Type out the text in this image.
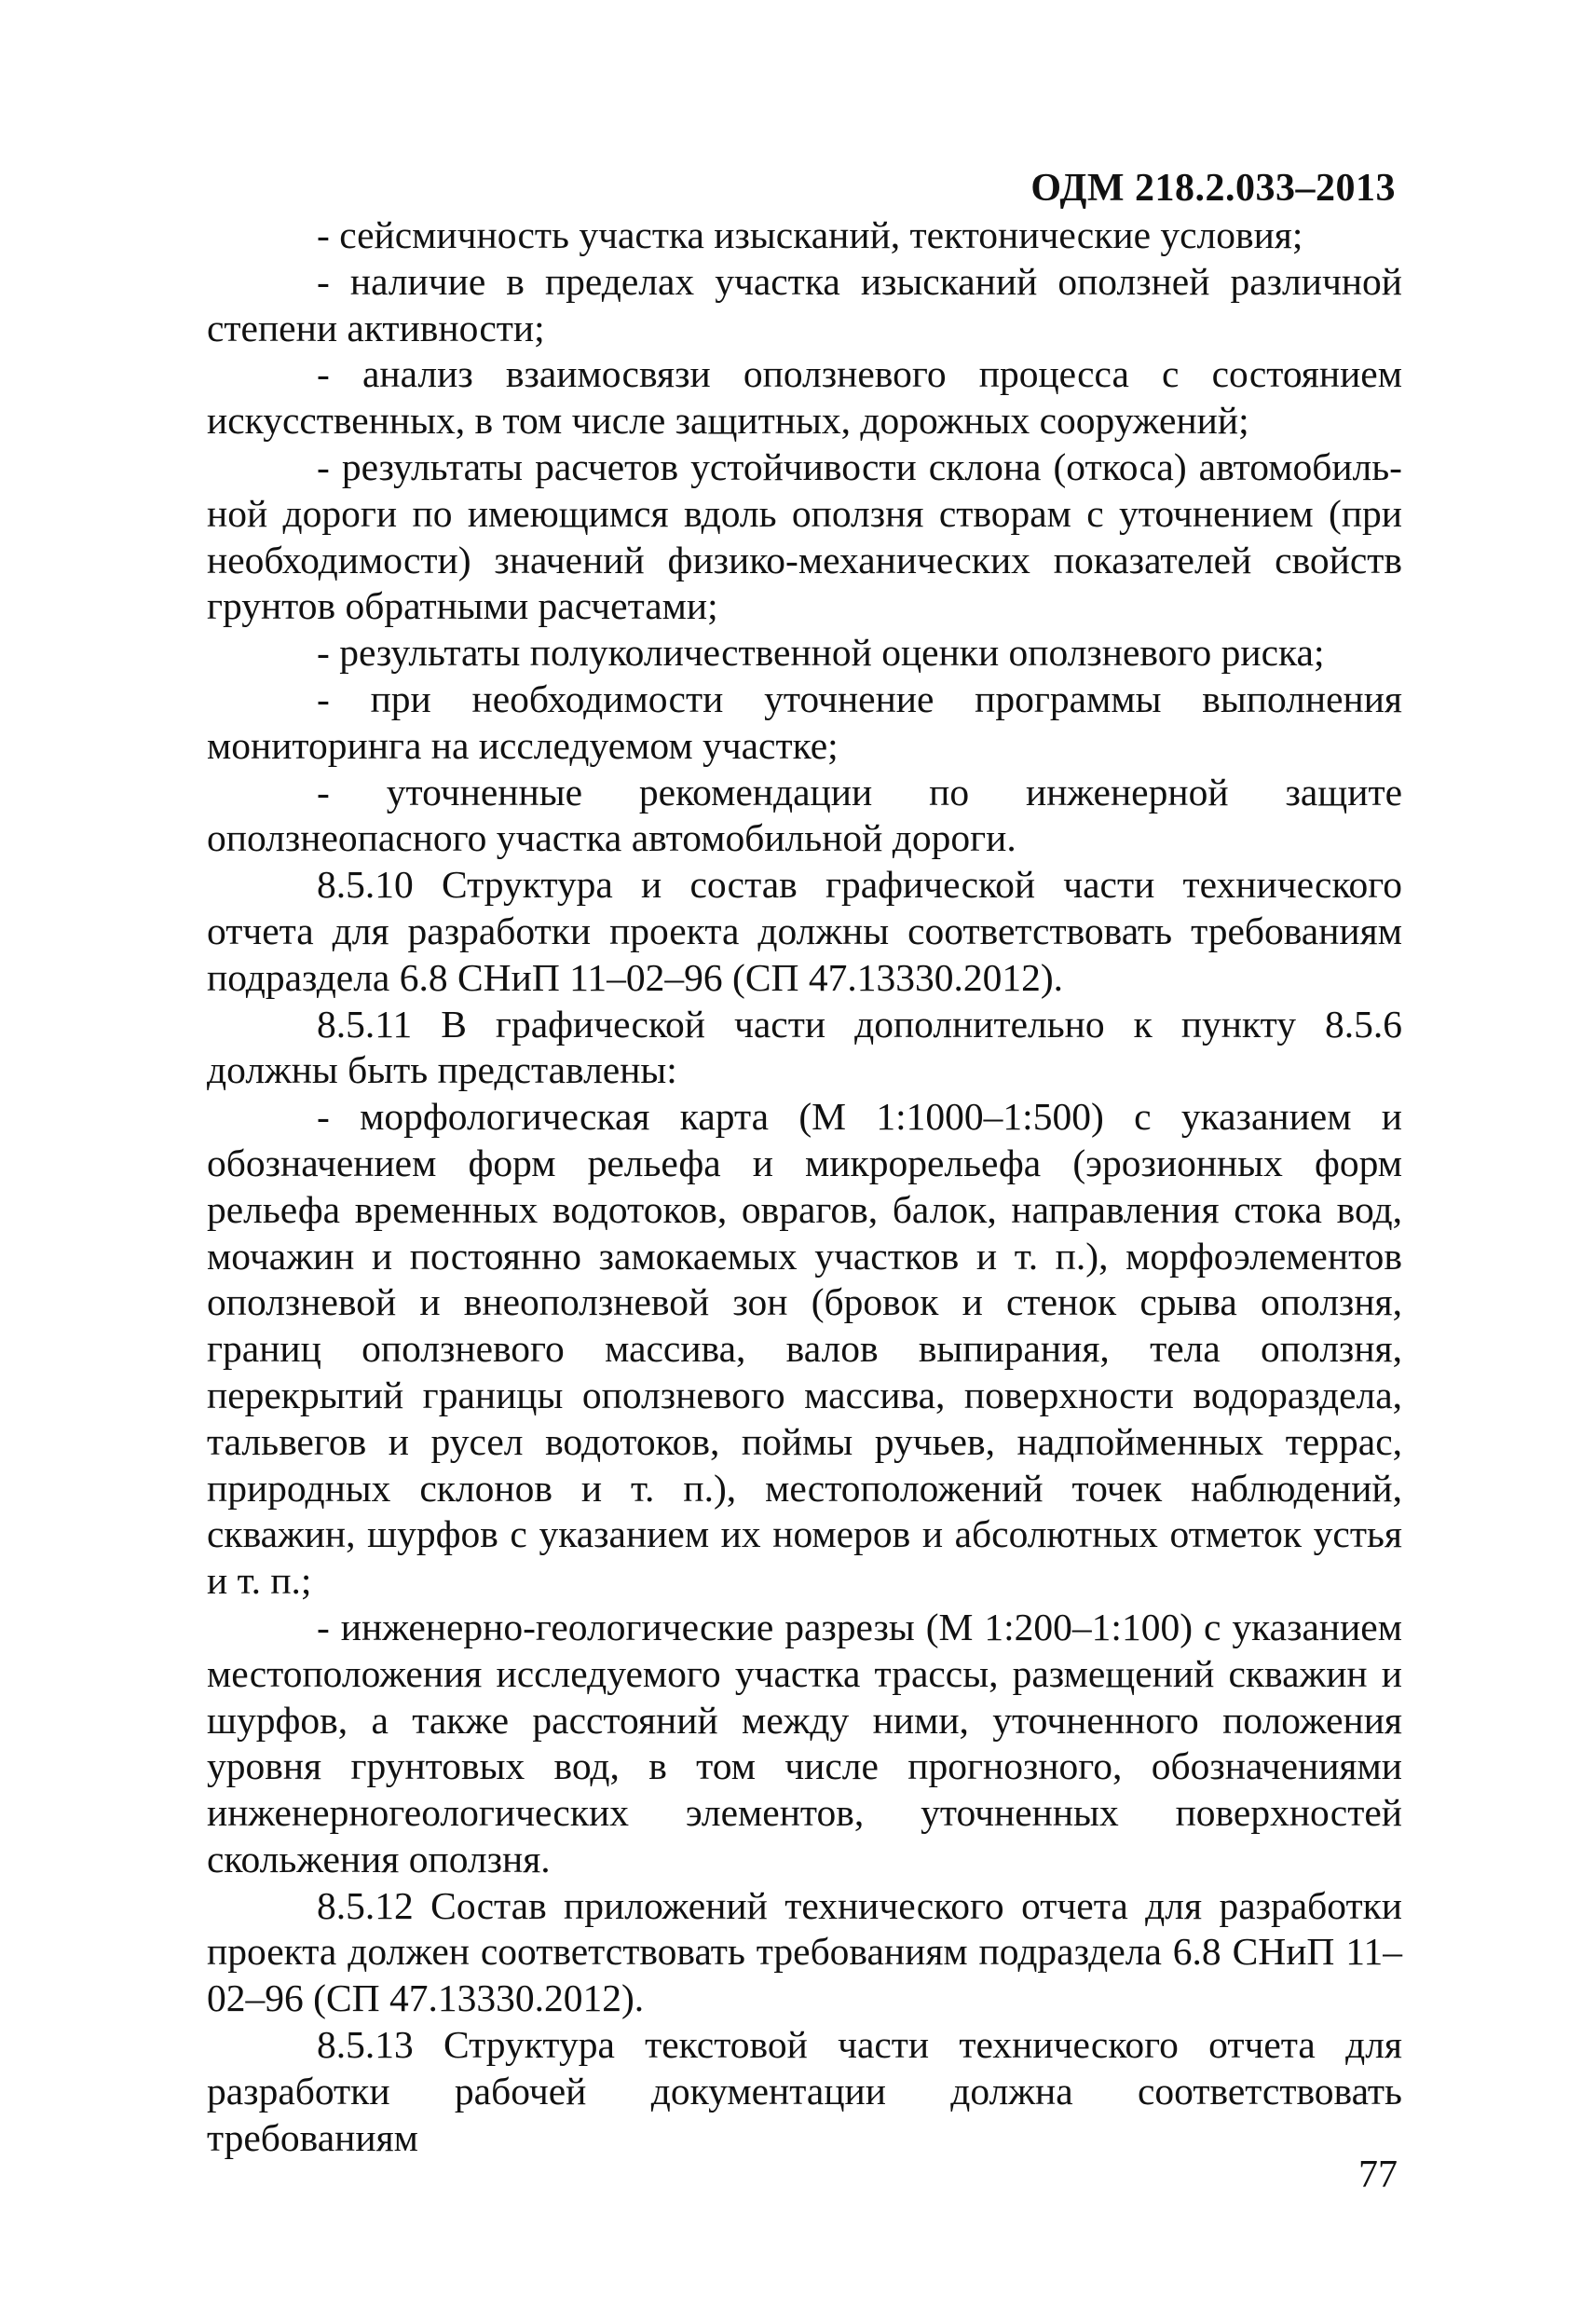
ОДМ 218.2.033–2013

- сейсмичность участка изысканий, тектонические условия;

- наличие в пределах участка изысканий оползней различной степени активности;

- анализ взаимосвязи оползневого процесса с состоянием искусственных, в том числе защитных, дорожных сооружений;

- результаты расчетов устойчивости склона (откоса) автомобильной дороги по имеющимся вдоль оползня створам с уточнением (при необходимости) значений физико-механических показателей свойств грунтов обратными расчетами;

- результаты полуколичественной оценки оползневого риска;

- при необходимости уточнение программы выполнения мониторинга на исследуемом участке;

- уточненные рекомендации по инженерной защите оползнеопасного участка автомобильной дороги.

8.5.10 Структура и состав графической части технического отчета для разработки проекта должны соответствовать требованиям подраздела 6.8 СНиП 11–02–96 (СП 47.13330.2012).

8.5.11 В графической части дополнительно к пункту 8.5.6 должны быть представлены:

- морфологическая карта (М 1:1000–1:500) с указанием и обозначением форм рельефа и микрорельефа (эрозионных форм рельефа временных водотоков, оврагов, балок, направления стока вод, мочажин и постоянно замокаемых участков и т. п.), морфоэлементов оползневой и внеоползневой зон (бровок и стенок срыва оползня, границ оползневого массива, валов выпирания, тела оползня, перекрытий границы оползневого массива, поверхности водораздела, тальвегов и русел водотоков, поймы ручьев, надпойменных террас, природных склонов и т. п.), местоположений точек наблюдений, скважин, шурфов с указанием их номеров и абсолютных отметок устья и т. п.;

- инженерно-геологические разрезы (М 1:200–1:100) с указанием местоположения исследуемого участка трассы, размещений скважин и шурфов, а также расстояний между ними, уточненного положения уровня грунтовых вод, в том числе прогнозного, обозначениями инженерногеологических элементов, уточненных поверхностей скольжения оползня.

8.5.12 Состав приложений технического отчета для разработки проекта должен соответствовать требованиям подраздела 6.8 СНиП 11–02–96 (СП 47.13330.2012).

8.5.13 Структура текстовой части технического отчета для разработки рабочей документации должна соответствовать требованиям

77
